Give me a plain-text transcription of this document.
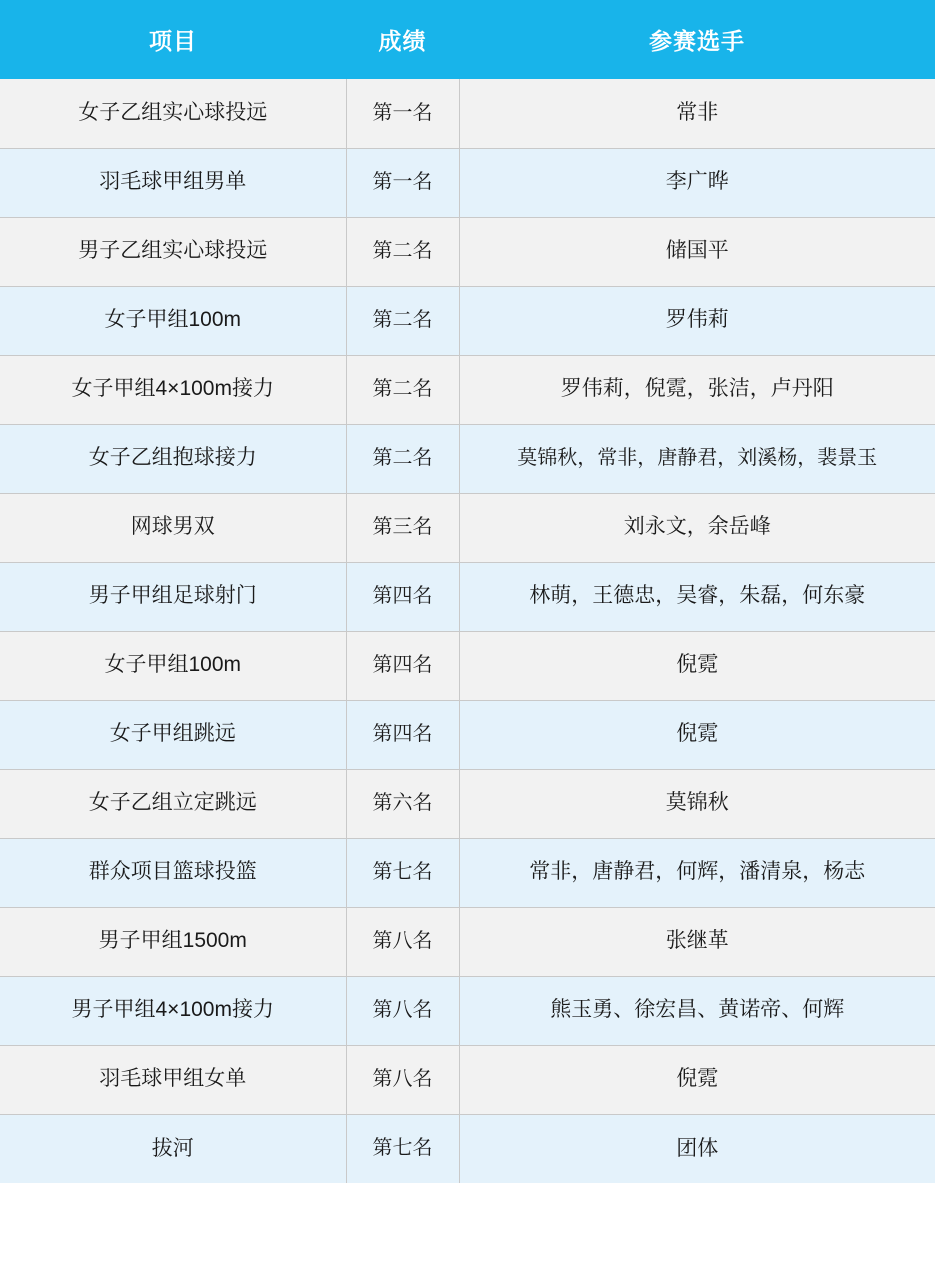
项目	成绩	参赛选手
女子乙组实心球投远	第一名	常非
羽毛球甲组男单	第一名	李广晔
男子乙组实心球投远	第二名	储国平
女子甲组100m	第二名	罗伟莉
女子甲组4×100m接力	第二名	罗伟莉，倪霓，张洁，卢丹阳
女子乙组抱球接力	第二名	莫锦秋，常非，唐静君，刘溪杨，裴景玉
网球男双	第三名	刘永文，余岳峰
男子甲组足球射门	第四名	林萌，王德忠，吴睿，朱磊，何东豪
女子甲组100m	第四名	倪霓
女子甲组跳远	第四名	倪霓
女子乙组立定跳远	第六名	莫锦秋
群众项目篮球投篮	第七名	常非，唐静君，何辉，潘清泉，杨志
男子甲组1500m	第八名	张继革
男子甲组4×100m接力	第八名	熊玉勇、徐宏昌、黄诺帝、何辉
羽毛球甲组女单	第八名	倪霓
拔河	第七名	团体
